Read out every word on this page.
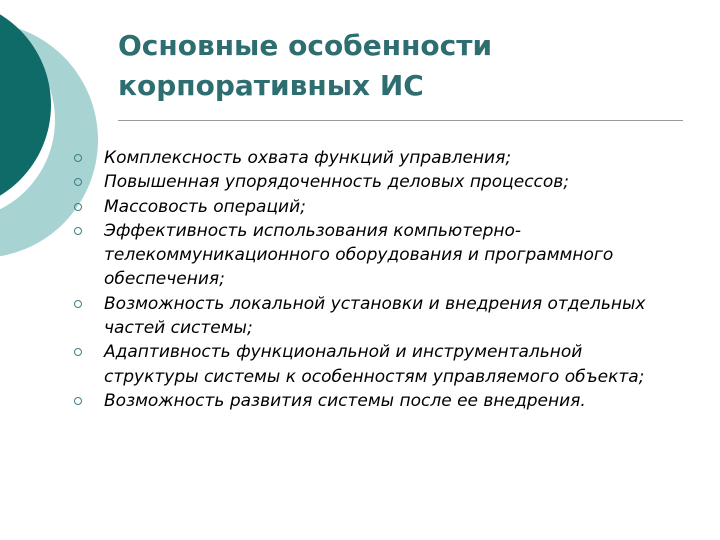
Основные особенности
корпоративных ИС
Комплексность охвата функций управления;
Повышенная упорядоченность деловых процессов;
Массовость операций;
Эффективность использования компьютерно-телекоммуникационного оборудования и программного обеспечения;
Возможность локальной установки и внедрения отдельных частей системы;
Адаптивность функциональной и инструментальной структуры системы к особенностям управляемого объекта;
Возможность развития системы после ее внедрения.
